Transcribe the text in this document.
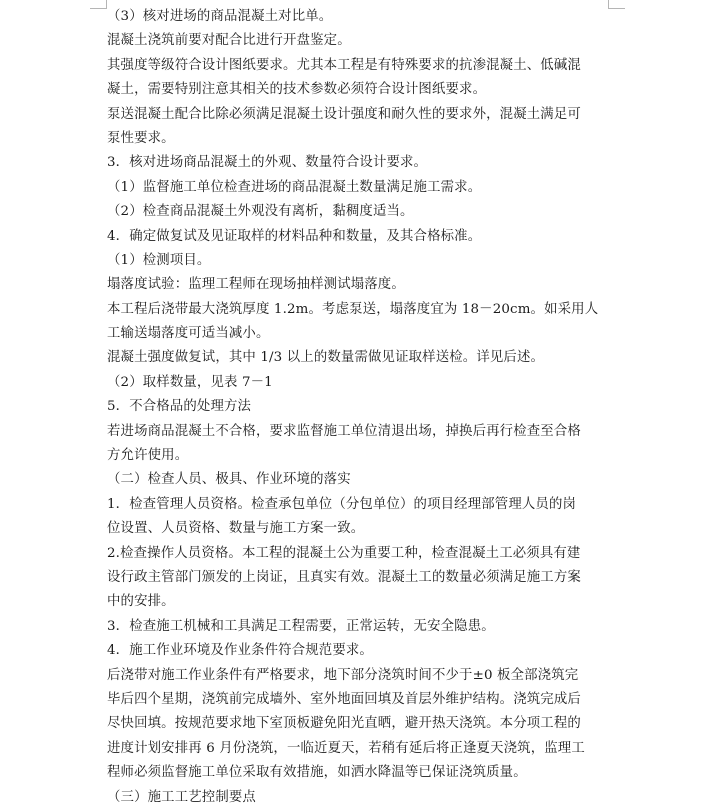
（3）核对进场的商品混凝土对比单。
混凝土浇筑前要对配合比进行开盘鉴定。
其强度等级符合设计图纸要求。尤其本工程是有特殊要求的抗渗混凝土、低碱混
凝土，需要特别注意其相关的技术参数必须符合设计图纸要求。
泵送混凝土配合比除必须满足混凝土设计强度和耐久性的要求外，混凝土满足可
泵性要求。
3．核对进场商品混凝土的外观、数量符合设计要求。
（1）监督施工单位检查进场的商品混凝土数量满足施工需求。
（2）检查商品混凝土外观没有离析，黏稠度适当。
4．确定做复试及见证取样的材料品种和数量，及其合格标准。
（1）检测项目。
塌落度试验：监理工程师在现场抽样测试塌落度。
本工程后浇带最大浇筑厚度 1.2m。考虑泵送，塌落度宜为 18－20cm。如采用人
工输送塌落度可适当减小。
混凝土强度做复试，其中 1/3 以上的数量需做见证取样送检。详见后述。
（2）取样数量，见表 7－1
5．不合格品的处理方法
若进场商品混凝土不合格，要求监督施工单位清退出场，掉换后再行检查至合格
方允许使用。
（二）检查人员、极具、作业环境的落实
1．检查管理人员资格。检查承包单位（分包单位）的项目经理部管理人员的岗
位设置、人员资格、数量与施工方案一致。
2.检查操作人员资格。本工程的混凝土公为重要工种，检查混凝土工必须具有建
设行政主管部门颁发的上岗证，且真实有效。混凝土工的数量必须满足施工方案
中的安排。
3．检查施工机械和工具满足工程需要，正常运转，无安全隐患。
4．施工作业环境及作业条件符合规范要求。
后浇带对施工作业条件有严格要求，地下部分浇筑时间不少于±0 板全部浇筑完
毕后四个星期，浇筑前完成墙外、室外地面回填及首层外维护结构。浇筑完成后
尽快回填。按规范要求地下室顶板避免阳光直晒，避开热天浇筑。本分项工程的
进度计划安排再 6 月份浇筑，一临近夏天，若稍有延后将正逢夏天浇筑，监理工
程师必须监督施工单位采取有效措施，如洒水降温等已保证浇筑质量。
（三）施工工艺控制要点
